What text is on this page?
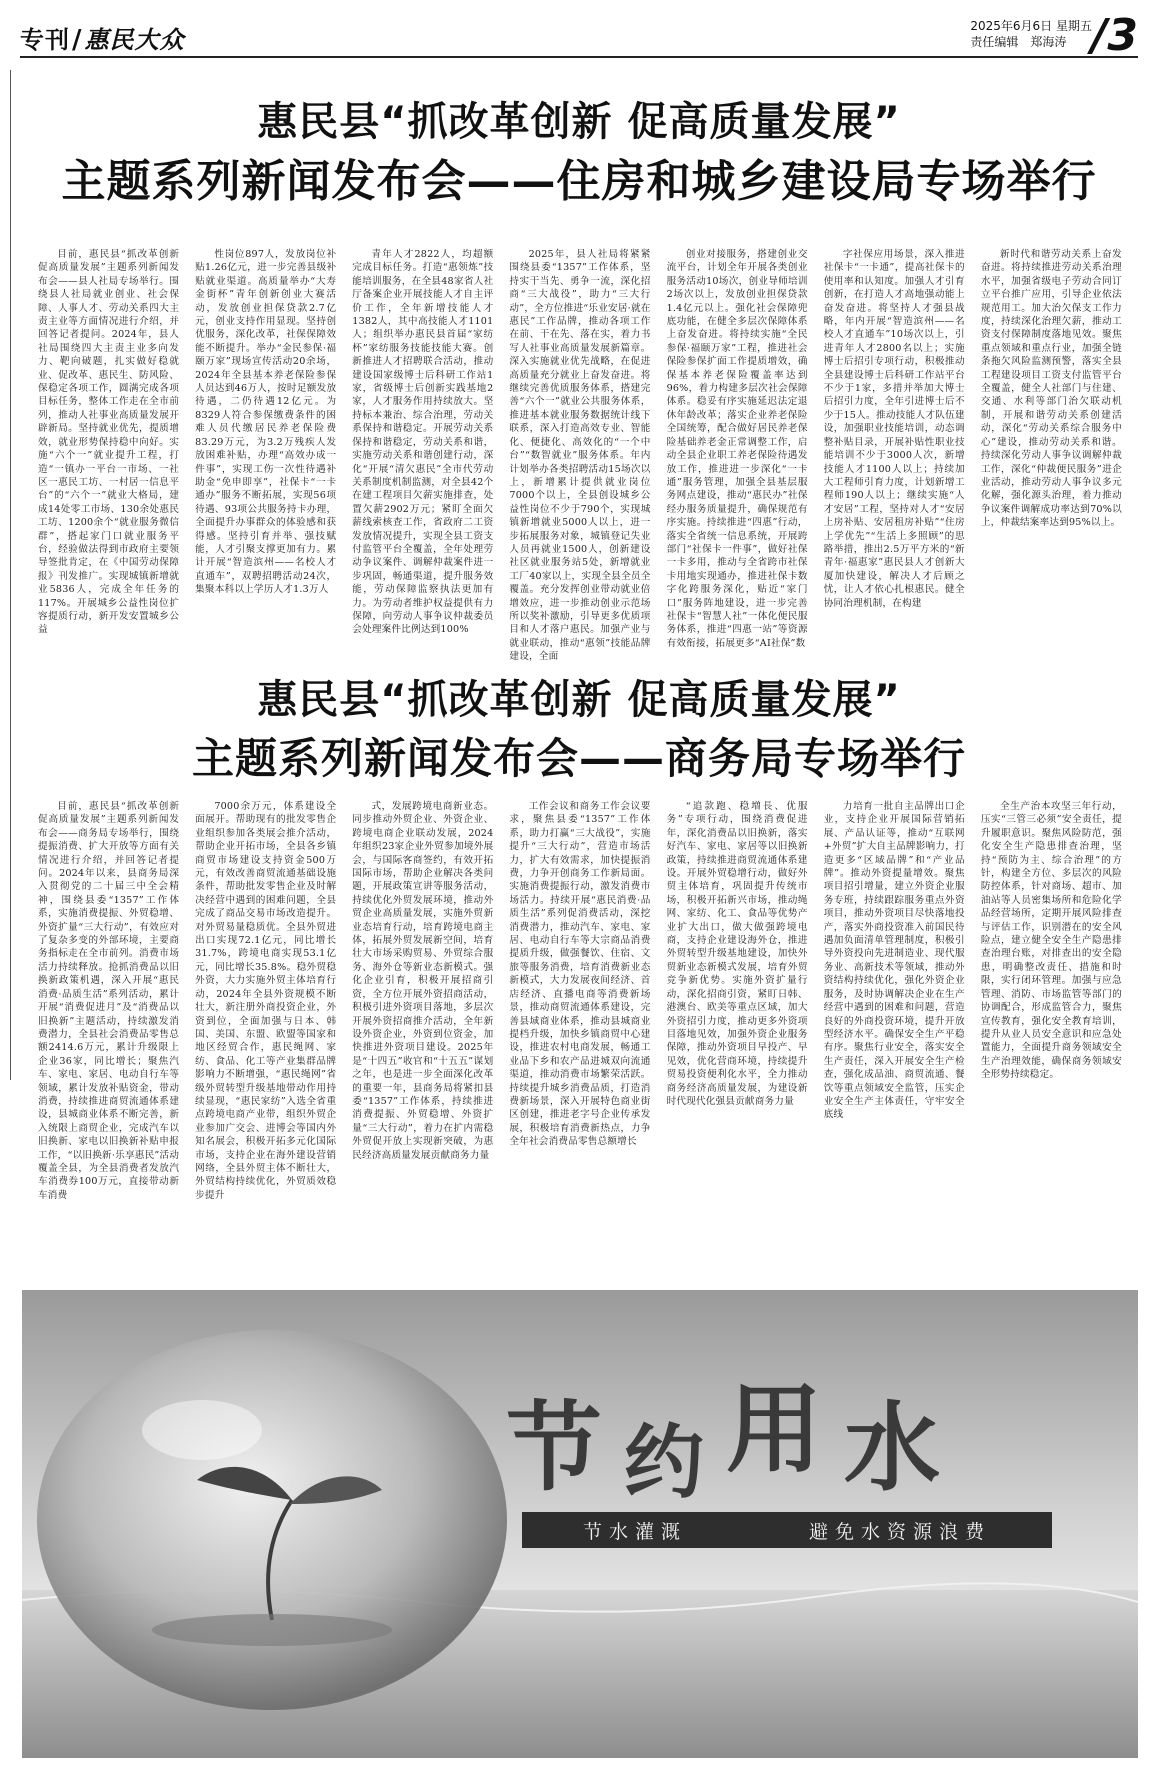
专刊/惠民大众	2025年6月6日 星期五
责任编辑　郑海涛 /3
惠民县“抓改革创新 促高质量发展”
主题系列新闻发布会——住房和城乡建设局专场举行

目前，惠民县“抓改革创新促高质量发展”主题系列新闻发布会——县人社局专场举行。围绕县人社局就业创业、社会保障、人事人才、劳动关系四大主责主业等方面情况进行介绍，并回答记者提问。2024年，县人社局围绕四大主责主业多向发力、靶向破题，扎实做好稳就业、促改革、惠民生、防风险、保稳定各项工作，圆满完成各项目标任务，整体工作走在全市前列，推动人社事业高质量发展开辟新局。坚持就业优先，提质增效，就业形势保持稳中向好。实施“六个一”就业提升工程，打造“一镇办一平台一市场、一社区一惠民工坊、一村居一信息平台”的“六个一”就业大格局，建成14处零工市场、130余处惠民工坊、1200余个“就业服务微信群”，搭起家门口就业服务平台，经验做法得到市政府主要领导签批肯定，在《中国劳动保障报》刊发推广。实现城镇新增就业5836人，完成全年任务的117%。开展城乡公益性岗位扩容提质行动，新开发安置城乡公益

性岗位897人，发放岗位补贴1.26亿元，进一步完善县级补贴就业渠道。高质量举办“大寿金街杯”青年创新创业大赛活动，发放创业担保贷款2.7亿元，创业支持作用显现。坚持创优服务，深化改革，社保保障效能不断提升。举办“金民参保·福颐万家”现场宣传活动20余场，2024年全县基本养老保险参保人员达到46万人，按时足额发放待遇，二仍待遇12亿元。为8329人符合参保缴费条件的困难人员代缴居民养老保险费83.29万元，为3.2万残疾人发放困难补贴，办理“高效办成一件事”，实现工伤一次性待遇补助金“免申即享”，社保卡“一卡通办”服务不断拓展，实现56项待遇、93项公共服务持卡办理，全面提升办事群众的体验感和获得感。坚持引育并举、强技赋能，人才引聚支撑更加有力。累计开展“智造滨州——名校人才直通车”，双聘招聘活动24次，集聚本科以上学历人才1.3万人

青年人才2822人，均超额完成目标任务。打造“惠领炼”技能培训服务，在全县48家省人社厅备案企业开展技能人才自主评价工作，全年新增技能人才1382人，其中高技能人才1101人；组织举办惠民县首届“家纺杯”家纺服务技能技能大赛。创新推进人才招聘联合活动，推动建设国家级博士后科研工作站1家，省级博士后创新实践基地2家，人才服务作用持续放大。坚持标本兼治、综合治理，劳动关系保持和谐稳定。开展劳动关系保持和谐稳定，劳动关系和谐，实施劳动关系和谐创建行动，深化“开展“清欠惠民”全市代劳动关系制度机制监测，对全县42个在建工程项目欠薪实施排查，处置欠薪2902万元；紧盯全面欠薪线索核查工作，省政府二工资发放情况提升，实现全县工资支付监管平台全覆盖，全年处理劳动争议案件、调解仲裁案件进一步巩固，畅通渠道，提升服务效能，劳动保障监察执法更加有力。为劳动者维护权益提供有力保障，向劳动人事争议仲裁委员会处理案件比例达到100%

2025年，县人社局将紧紧围绕县委“1357”工作体系，坚持实干当先、勇争一流，深化招商“三大战役”，助力“三大行动”，全方位推进“乐业安居·就在惠民”工作品牌，推动各项工作在前、干在先、落在实，着力书写人社事业高质量发展新篇章。深入实施就业优先战略，在促进高质量充分就业上奋发奋进。将继续完善优质服务体系，搭建完善“六个一”就业公共服务体系，推进基本就业服务数据统计线下联系，深入打造高效专业、智能化、便捷化、高效化的“一个中台”“数智就业”服务体系。年内计划举办各类招聘活动15场次以上，新增累计提供就业岗位7000个以上，全县创设城乡公益性岗位不少于790个，实现城镇新增就业5000人以上，进一步拓展服务对象，城镇登记失业人员再就业1500人，创新建设社区就业服务站5处，新增就业工厂40家以上，实现全县全员全覆盖。充分发挥创业带动就业倍增效应，进一步推动创业示范场所以奖补激励，引导更多优质项目和人才落户惠民。加强产业与就业联动，推动“惠领”技能品牌建设，全面

创业对接服务，搭建创业交流平台，计划全年开展各类创业服务活动10场次，创业导师培训2场次以上，发放创业担保贷款1.4亿元以上。强化社会保障兜底功能，在健全多层次保障体系上奋发奋进。将持续实施“全民参保·福颐万家”工程，推进社会保险参保扩面工作提质增效，确保基本养老保险覆盖率达到96%，着力构建多层次社会保障体系。稳妥有序实施延迟法定退休年龄改革；落实企业养老保险全国统筹，配合做好居民养老保险基础养老金正常调整工作，启动全县企业职工养老保险待遇发放工作，推进进一步深化“一卡通”服务管理，加强全县基层服务网点建设，推动“惠民办”社保经办服务质量提升，确保规范有序实施。持续推进“四惠”行动，落实全省统一信息系统，开展跨部门“社保卡一件事”，做好社保一卡多用，推动与全省跨市社保卡用地实现通办，推进社保卡数字化跨服务深化，贴近“家门口”服务阵地建设，进一步完善社保卡“智慧人社”一体化便民服务体系，推进“四惠一站”等资源有效衔接，拓展更多“AI社保”数

字社保应用场景，深入推进社保卡“一卡通”，提高社保卡的使用率和认知度。加强人才引育创新，在打造人才高地强动能上奋发奋进。将坚持人才强县战略，年内开展“智造滨州——名校人才直通车”10场次以上，引进青年人才2800名以上；实施博士后招引专项行动，积极推动全县建设博士后科研工作站平台不少于1家，多措并举加大博士后招引力度，全年引进博士后不少于15人。推动技能人才队伍建设，加强职业技能培训，动态调整补贴目录，开展补贴性职业技能培训不少于3000人次，新增技能人才1100人以上；持续加大工程师引育力度，计划新增工程师190人以上；继续实施“人才安居”工程，坚持对人才“安居上房补贴、安居租房补贴”“住房上学优先”“生活上多照顾”的思路举措，推出2.5万平方米的“新青年·福惠家”惠民县人才创新大厦加快建设，解决人才后顾之忧，让人才依心扎根惠民。健全协同治理机制，在构建

新时代和谐劳动关系上奋发奋进。将持续推进劳动关系治理水平，加强省级电子劳动合同订立平台推广应用，引导企业依法规范用工。加大治欠保支工作力度，持续深化治理欠薪，推动工资支付保障制度落地见效。聚焦重点领域和重点行业，加强全链条拖欠风险监测预警，落实全县工程建设项目工资支付监管平台全覆盖，健全人社部门与住建、交通、水利等部门治欠联动机制，开展和谐劳动关系创建活动，深化“劳动关系综合服务中心”建设，推动劳动关系和谐。持续深化劳动人事争议调解仲裁工作，深化“仲裁便民服务”进企业活动，推动劳动人事争议多元化解，强化源头治理，着力推动争议案件调解成功率达到70%以上，仲裁结案率达到95%以上。

惠民县“抓改革创新 促高质量发展”
主题系列新闻发布会——商务局专场举行

目前，惠民县“抓改革创新促高质量发展”主题系列新闻发布会——商务局专场举行，围绕提振消费、扩大开放等方面有关情况进行介绍，并回答记者提问。2024年以来，县商务局深入贯彻党的二十届三中全会精神，围绕县委“1357”工作体系，实施消费提振、外贸稳增、外资扩量“三大行动”，有效应对了复杂多变的外部环境，主要商务指标走在全市前列。消费市场活力持续释放。抢抓消费品以旧换新政策机遇，深入开展“惠民消费·品质生活”系列活动，累计开展“消费促进月”及“消费品以旧换新”主题活动，持续激发消费潜力，全县社会消费品零售总额2414.6万元，累计升级限上企业36家，同比增长；聚焦汽车、家电、家居、电动自行车等领域，累计发放补贴资金，带动消费，持续推进商贸流通体系建设，县城商业体系不断完善，新入统限上商贸企业，完成汽车以旧换新、家电以旧换新补贴申报工作，“以旧换新·乐享惠民”活动覆盖全县，为全县消费者发放汽车消费券100万元，直接带动新车消费

7000余万元，体系建设全面展开。帮助现有的批发零售企业组织参加各类展会推介活动，帮助企业开拓市场，全县各乡镇商贸市场建设支持资金500万元，有效改善商贸流通基础设施条件，帮助批发零售企业及时解决经营中遇到的困难问题，全县完成了商品交易市场改造提升。对外贸易量稳质优。全县外贸进出口实现72.1亿元，同比增长31.7%，跨境电商实现53.1亿元，同比增长35.8%。稳外贸稳外资，大力实施外贸主体培育行动，2024年全县外资规模不断壮大，新注册外商投资企业，外资到位，全面加强与日本、韩国、美国、东盟、欧盟等国家和地区经贸合作，惠民绳网、家纺、食品、化工等产业集群品牌影响力不断增强，“惠民绳网”省级外贸转型升级基地带动作用持续显现，“惠民家纺”入选全省重点跨境电商产业带，组织外贸企业参加广交会、进博会等国内外知名展会，积极开拓多元化国际市场，支持企业在海外建设营销网络，全县外贸主体不断壮大，外贸结构持续优化，外贸质效稳步提升

式，发展跨境电商新业态。同步推动外贸企业、外资企业、跨境电商企业联动发展，2024年组织23家企业外贸参加境外展会，与国际客商签约，有效开拓国际市场，帮助企业解决各类问题，开展政策宣讲等服务活动，持续优化外贸发展环境，推动外贸企业高质量发展，实施外贸新业态培育行动，培育跨境电商主体，拓展外贸发展新空间，培育壮大市场采购贸易、外贸综合服务、海外仓等新业态新模式。强化企业引育，积极开展招商引资，全方位开展外资招商活动，积极引进外资项目落地，多层次开展外资招商推介活动，全年新设外资企业，外资到位资金，加快推进外资项目建设。2025年是“十四五”收官和“十五五”谋划之年，也是进一步全面深化改革的重要一年，县商务局将紧扣县委“1357”工作体系，持续推进消费提振、外贸稳增、外资扩量“三大行动”，着力在扩内需稳外贸促开放上实现新突破，为惠民经济高质量发展贡献商务力量

工作会议和商务工作会议要求，聚焦县委“1357”工作体系，助力打赢“三大战役”，实施提升“三大行动”，营造市场活力，扩大有效需求，加快提振消费，力争开创商务工作新局面。实施消费提振行动，激发消费市场活力。持续开展“惠民消费·品质生活”系列促消费活动，深挖消费潜力，推动汽车、家电、家居、电动自行车等大宗商品消费提质升级，做强餐饮、住宿、文旅等服务消费，培育消费新业态新模式，大力发展夜间经济、首店经济、直播电商等消费新场景，推动商贸流通体系建设，完善县域商业体系，推动县城商业提档升级，加快乡镇商贸中心建设，推进农村电商发展，畅通工业品下乡和农产品进城双向流通渠道，推动消费市场繁荣活跃。持续提升城乡消费品质，打造消费新场景，深入开展特色商业街区创建，推进老字号企业传承发展，积极培育消费新热点，力争全年社会消费品零售总额增长

“追款跑、稳増長、优服务”专项行动，围绕消费促进年，深化消费品以旧换新，落实好汽车、家电、家居等以旧换新政策，持续推进商贸流通体系建设。开展外贸稳增行动，做好外贸主体培育，巩固提升传统市场，积极开拓新兴市场，推动绳网、家纺、化工、食品等优势产业扩大出口，做大做强跨境电商，支持企业建设海外仓，推进外贸转型升级基地建设，加快外贸新业态新模式发展，培育外贸竞争新优势。实施外资扩量行动，深化招商引资，紧盯日韩、港澳台、欧美等重点区域，加大外资招引力度，推动更多外资项目落地见效，加强外资企业服务保障，推动外资项目早投产、早见效，优化营商环境，持续提升贸易投资便利化水平，全力推动商务经济高质量发展，为建设新时代现代化强县贡献商务力量

力培育一批自主品牌出口企业，支持企业开展国际营销拓展、产品认证等，推动“互联网+外贸”扩大自主品牌影响力，打造更多“区域品牌”和“产业品牌”。推动外资提量增效。聚焦项目招引增量，建立外资企业服务专班，持续跟踪服务重点外资项目，推动外资项目尽快落地投产，落实外商投资准入前国民待遇加负面清单管理制度，积极引导外资投向先进制造业、现代服务业、高新技术等领域，推动外资结构持续优化，强化外资企业服务，及时协调解决企业在生产经营中遇到的困难和问题，营造良好的外商投资环境，提升开放型经济水平。确保安全生产平稳有序。聚焦行业安全，落实安全生产责任，深入开展安全生产检查，强化成品油、商贸流通、餐饮等重点领域安全监管，压实企业安全生产主体责任，守牢安全底线

全生产治本攻坚三年行动，压实“三管三必须”安全责任，提升履职意识。聚焦风险防范，强化安全生产隐患排查治理，坚持“预防为主、综合治理”的方针，构建全方位、多层次的风险防控体系，针对商场、超市、加油站等人员密集场所和危险化学品经营场所，定期开展风险排查与评估工作，识别潜在的安全风险点，建立健全安全生产隐患排查治理台账，对排查出的安全隐患，明确整改责任、措施和时限，实行闭环管理。加强与应急管理、消防、市场监管等部门的协调配合，形成监管合力，聚焦宣传教育，强化安全教育培训，提升从业人员安全意识和应急处置能力，全面提升商务领域安全生产治理效能，确保商务领域安全形势持续稳定。

节 约 用 水
节水灌溉	避免水资源浪费
